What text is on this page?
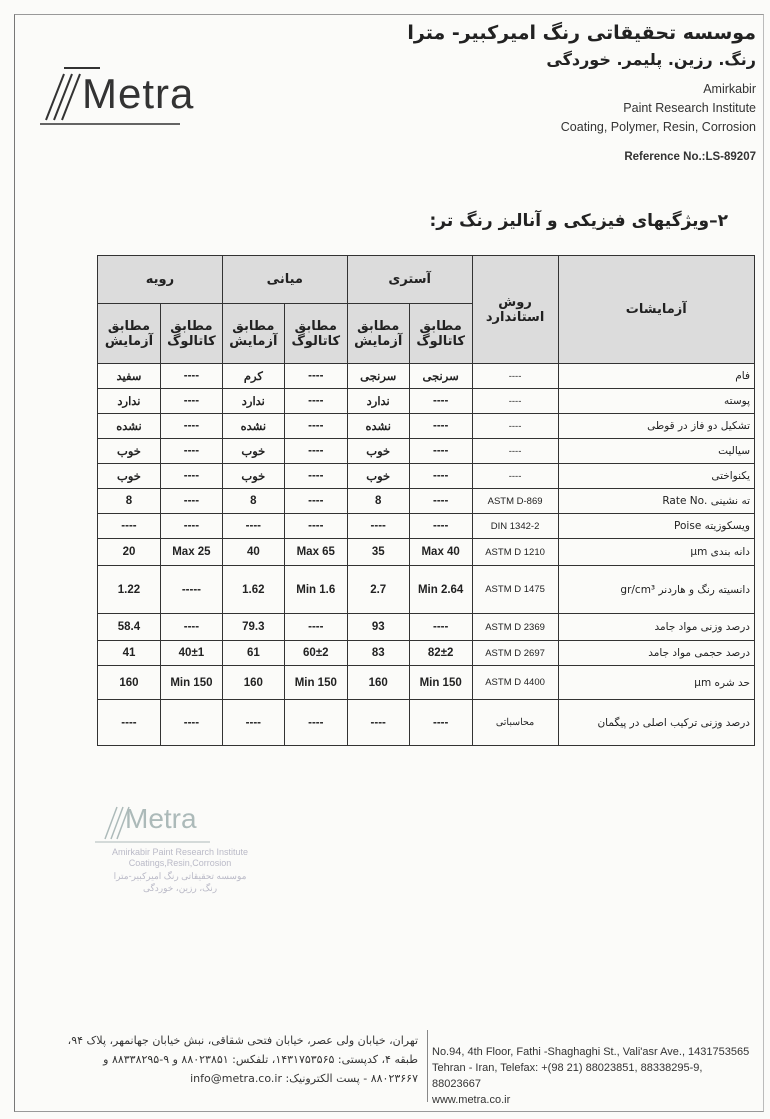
Metra
موسسه تحقیقاتی رنگ امیرکبیر- مترا
رنگ. رزین. پلیمر. خوردگی
Amirkabir
Paint Research Institute
Coating, Polymer, Resin, Corrosion
Reference No.:LS-89207
۲–ویژگیهای فیزیکی و آنالیز رنگ تر:
رویه		میانی		آستری		روش استاندارد	آزمایشات
مطابق آزمایش	مطابق کاتالوگ	مطابق آزمایش	مطابق کاتالوگ	مطابق آزمایش	مطابق کاتالوگ		
سفید	----	کرم	----	سرنجی	سرنجی	----	فام
ندارد	----	ندارد	----	ندارد	----	----	پوسته
نشده	----	نشده	----	نشده	----	----	تشکیل دو فاز در قوطی
خوب	----	خوب	----	خوب	----	----	سیالیت
خوب	----	خوب	----	خوب	----	----	یکنواختی
8	----	8	----	8	----	ASTM D-869	ته نشینی .Rate No
----	----	----	----	----	----	DIN 1342-2	ویسکوزیته Poise
20	Max 25	40	Max 65	35	Max 40	ASTM D 1210	دانه بندی µm
1.22	-----	1.62	Min 1.6	2.7	Min 2.64	ASTM D 1475	دانسیته رنگ و هاردنر gr/cm³
58.4	----	79.3	----	93	----	ASTM D 2369	درصد وزنی مواد جامد
41	40±1	61	60±2	83	82±2	ASTM D 2697	درصد حجمی مواد جامد
160	Min 150	160	Min 150	160	Min 150	ASTM D 4400	حد شره µm
----	----	----	----	----	----	محاسباتی	درصد وزنی ترکیب اصلی در پیگمان
Metra
Amirkabir Paint Research Institute
Coatings,Resin,Corrosion
موسسه تحقیقاتی رنگ امیرکبیر-مترا
رنگ، رزین، خوردگی
تهران، خیابان ولی عصر، خیابان فتحی شقاقی، نبش خیابان جهانمهر، پلاک ۹۴،
طبقه ۴، کدپستی: ۱۴۳۱۷۵۳۵۶۵، تلفکس: ۸۸۰۲۳۸۵۱ و ۹-۸۸۳۳۸۲۹۵ و
۸۸۰۲۳۶۶۷ - پست الکترونیک: info@metra.co.ir
No.94, 4th Floor, Fathi -Shaghaghi St., Vali'asr Ave., 1431753565
Tehran - Iran, Telefax: +(98 21) 88023851, 88338295-9,
88023667
www.metra.co.ir
